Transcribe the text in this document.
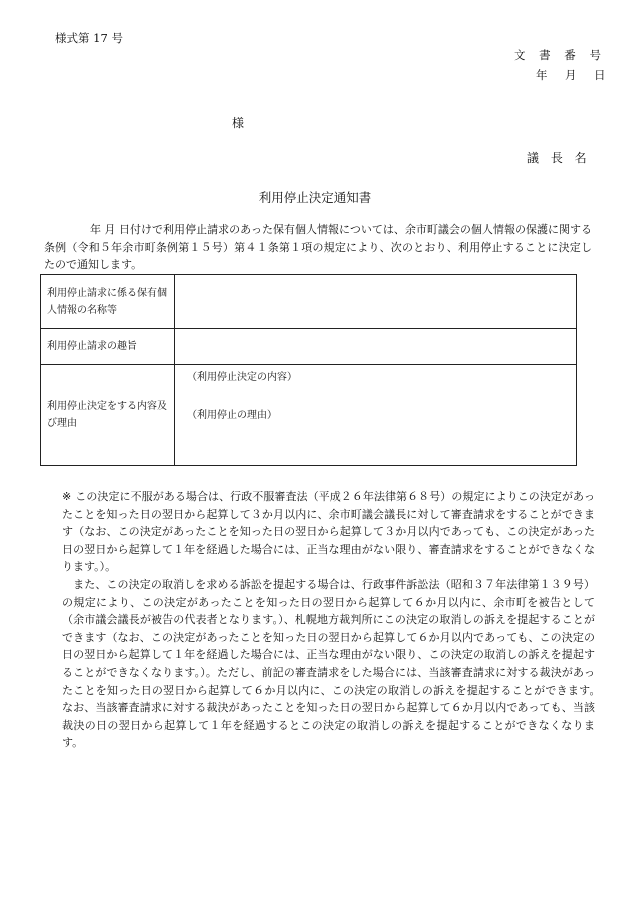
様式第 17 号
文 書 番 号
年　月　日
様
議 長 名
利用停止決定通知書
年 月 日付けで利用停止請求のあった保有個人情報については、余市町議会の個人情報の保護に関する条例（令和５年余市町条例第１５号）第４１条第１項の規定により、次のとおり、利用停止することに決定したので通知します。
利用停止請求に係る保有個人情報の名称等	
利用停止請求の趣旨	
利用停止決定をする内容及び理由	（利用停止決定の内容）
（利用停止の理由）

※ この決定に不服がある場合は、行政不服審査法（平成２６年法律第６８号）の規定によりこの決定があったことを知った日の翌日から起算して３か月以内に、余市町議会議長に対して審査請求をすることができます（なお、この決定があったことを知った日の翌日から起算して３か月以内であっても、この決定があった日の翌日から起算して１年を経過した場合には、正当な理由がない限り、審査請求をすることができなくなります。）。

　また、この決定の取消しを求める訴訟を提起する場合は、行政事件訴訟法（昭和３７年法律第１３９号）の規定により、この決定があったことを知った日の翌日から起算して６か月以内に、余市町を被告として（余市議会議長が被告の代表者となります。）、札幌地方裁判所にこの決定の取消しの訴えを提起することができます（なお、この決定があったことを知った日の翌日から起算して６か月以内であっても、この決定の日の翌日から起算して１年を経過した場合には、正当な理由がない限り、この決定の取消しの訴えを提起することができなくなります。）。ただし、前記の審査請求をした場合には、当該審査請求に対する裁決があったことを知った日の翌日から起算して６か月以内に、この決定の取消しの訴えを提起することができます。　なお、当該審査請求に対する裁決があったことを知った日の翌日から起算して６か月以内であっても、当該裁決の日の翌日から起算して１年を経過するとこの決定の取消しの訴えを提起することができなくなります。
